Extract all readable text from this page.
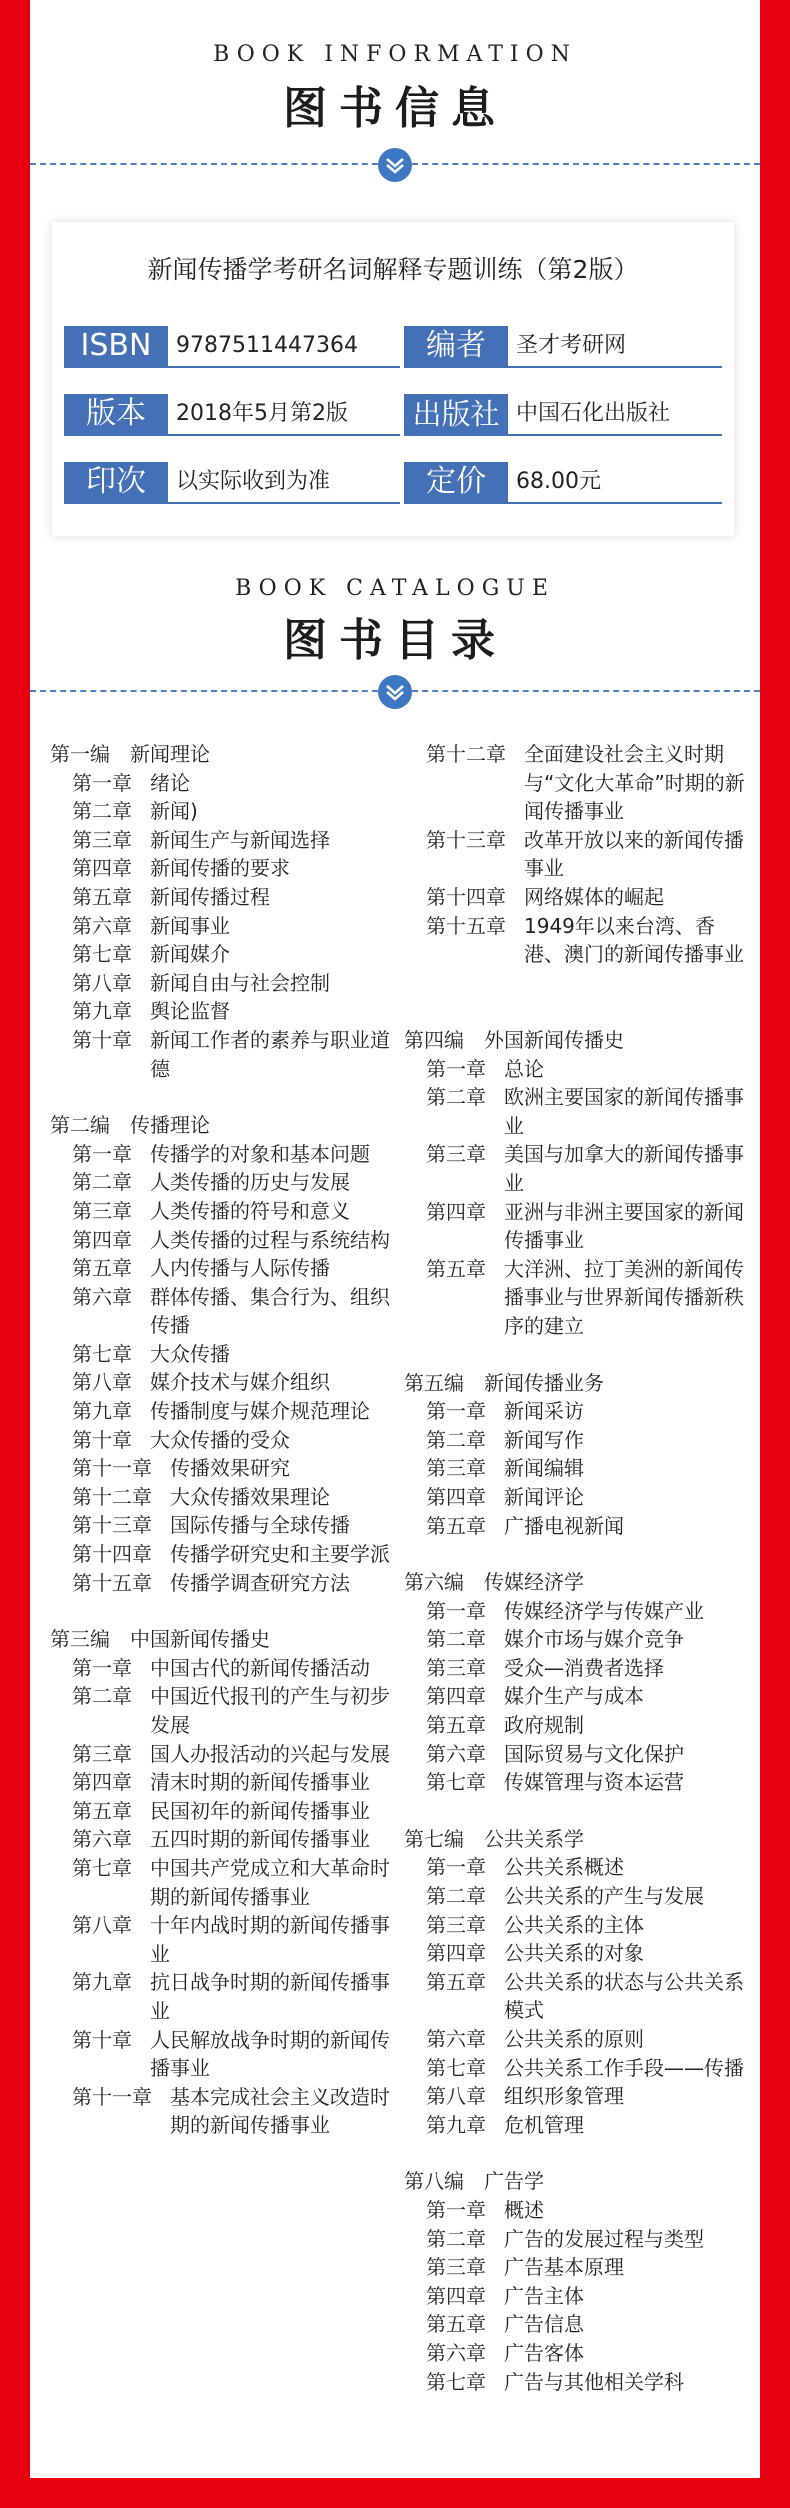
BOOK INFORMATION
图书信息
新闻传播学考研名词解释专题训练（第2版）
ISBN	9787511447364	编者	圣才考研网
版本	2018年5月第2版 出版社 中国石化出版社
印次	以实际收到为准	定价	68.00元
BOOK CATALOGUE
图书目录
第一编　新闻理论
第一章 绪论
第二章 新闻)
第三章 新闻生产与新闻选择
第四章 新闻传播的要求
第五章 新闻传播过程
第六章 新闻事业
第七章 新闻媒介
第八章 新闻自由与社会控制
第九章 舆论监督
第十章 新闻工作者的素养与职业道德
第二编　传播理论
第一章 传播学的对象和基本问题
第二章 人类传播的历史与发展
第三章 人类传播的符号和意义
第四章 人类传播的过程与系统结构
第五章 人内传播与人际传播
第六章 群体传播、集合行为、组织传播
第七章 大众传播
第八章 媒介技术与媒介组织
第九章 传播制度与媒介规范理论
第十章 大众传播的受众
第十一章 传播效果研究
第十二章 大众传播效果理论
第十三章 国际传播与全球传播
第十四章 传播学研究史和主要学派
第十五章 传播学调查研究方法
第三编　中国新闻传播史
第一章 中国古代的新闻传播活动
第二章 中国近代报刊的产生与初步发展
第三章 国人办报活动的兴起与发展
第四章 清末时期的新闻传播事业
第五章 民国初年的新闻传播事业
第六章 五四时期的新闻传播事业
第七章 中国共产党成立和大革命时期的新闻传播事业
第八章 十年内战时期的新闻传播事业
第九章 抗日战争时期的新闻传播事业
第十章 人民解放战争时期的新闻传播事业
第十一章 基本完成社会主义改造时期的新闻传播事业
第十二章 全面建设社会主义时期与“文化大革命”时期的新闻传播事业
第十三章 改革开放以来的新闻传播事业
第十四章 网络媒体的崛起
第十五章 1949年以来台湾、香港、澳门的新闻传播事业
第四编　外国新闻传播史
第一章 总论
第二章 欧洲主要国家的新闻传播事业
第三章 美国与加拿大的新闻传播事业
第四章 亚洲与非洲主要国家的新闻传播事业
第五章 大洋洲、拉丁美洲的新闻传播事业与世界新闻传播新秩序的建立
第五编　新闻传播业务
第一章 新闻采访
第二章 新闻写作
第三章 新闻编辑
第四章 新闻评论
第五章 广播电视新闻
第六编　传媒经济学
第一章 传媒经济学与传媒产业
第二章 媒介市场与媒介竞争
第三章 受众—消费者选择
第四章 媒介生产与成本
第五章 政府规制
第六章 国际贸易与文化保护
第七章 传媒管理与资本运营
第七编　公共关系学
第一章 公共关系概述
第二章 公共关系的产生与发展
第三章 公共关系的主体
第四章 公共关系的对象
第五章 公共关系的状态与公共关系模式
第六章 公共关系的原则
第七章 公共关系工作手段——传播
第八章 组织形象管理
第九章 危机管理
第八编　广告学
第一章 概述
第二章 广告的发展过程与类型
第三章 广告基本原理
第四章 广告主体
第五章 广告信息
第六章 广告客体
第七章 广告与其他相关学科
